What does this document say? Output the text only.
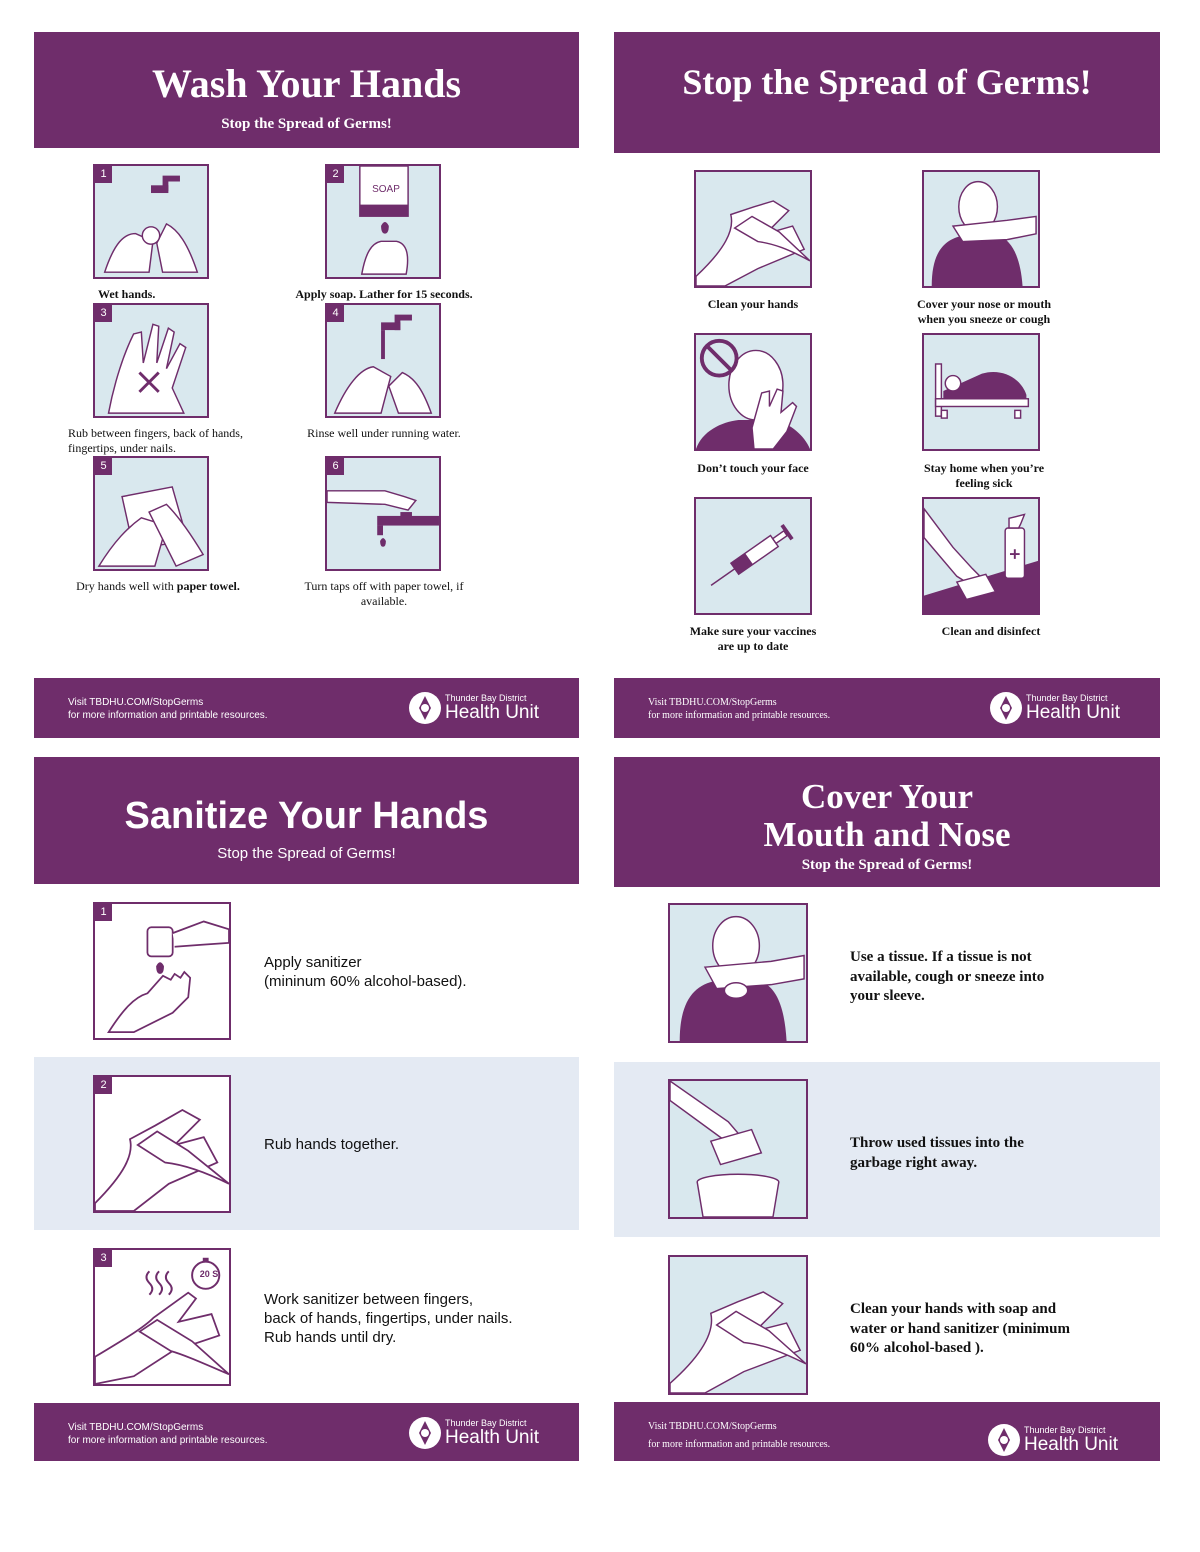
Wash Your Hands
Stop the Spread of Germs!
1
Wet hands.
SOAP
2
Apply soap. Lather for 15 seconds.
3
Rub between fingers, back of hands, fingertips, under nails.
4
Rinse well under running water.
5
Dry hands well with paper towel.
6
Turn taps off with paper towel, if available.
Visit TBDHU.COM/StopGerms
for more information and printable resources.
Thunder Bay District
Health Unit
Stop the Spread of Germs!
Clean your hands	Cover your nose or mouth
when you sneeze or cough
Don’t touch your face	Stay home when you’re
feeling sick
Make sure your vaccines
are up to date
Clean and disinfect
Visit TBDHU.COM/StopGerms
for more information and printable resources.
Thunder Bay District
Health Unit
Sanitize Your Hands
Stop the Spread of Germs!
1
Apply sanitizer
(mininum 60% alcohol-based).
2
Rub hands together.
20 S
3
Work sanitizer between fingers,
back of hands, fingertips, under nails.
Rub hands until dry.
Visit TBDHU.COM/StopGerms
for more information and printable resources.
Thunder Bay District
Health Unit
Cover Your
Mouth and Nose
Stop the Spread of Germs!
Use a tissue. If a tissue is not
available, cough or sneeze into
your sleeve.
Throw used tissues into the
garbage right away.
Clean your hands with soap and
water or hand sanitizer (minimum
60% alcohol-based ).
Visit TBDHU.COM/StopGerms
for more information and printable resources.
Thunder Bay District
Health Unit
